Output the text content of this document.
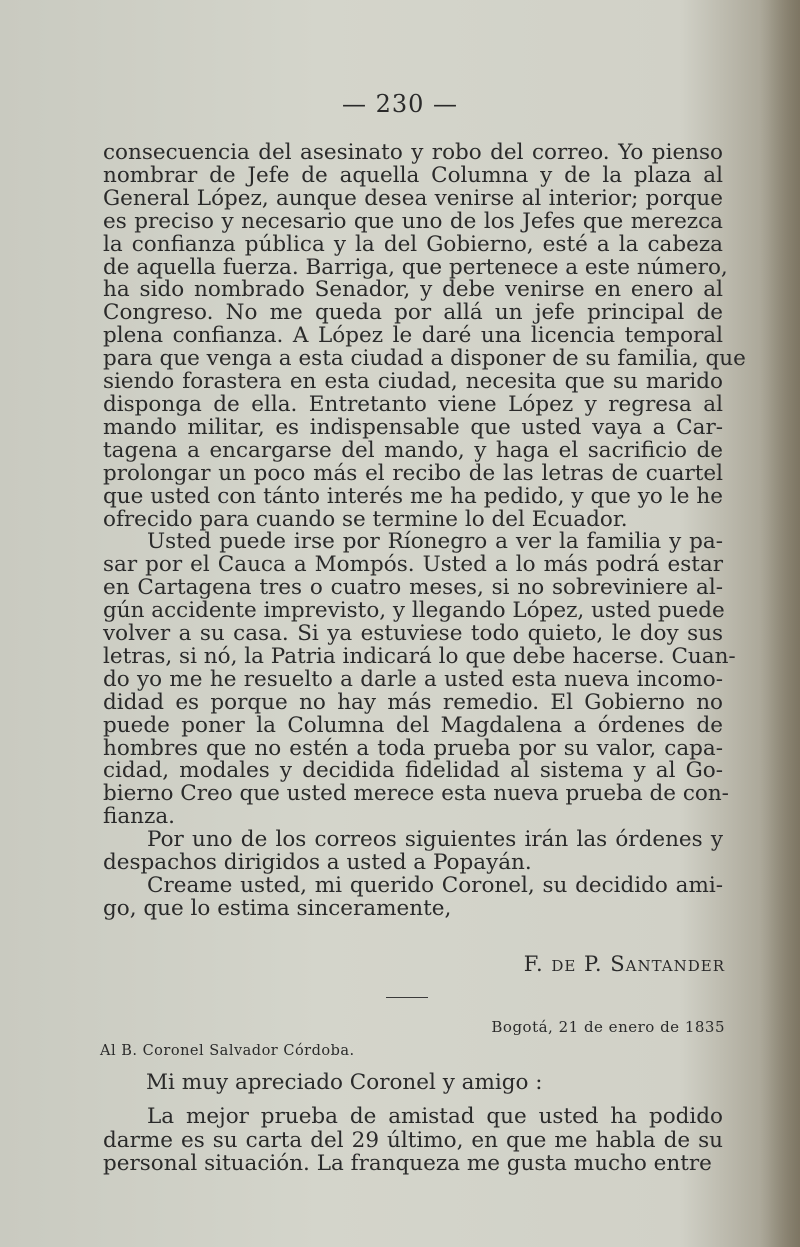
— 230 —
consecuencia del asesinato y robo del correo. Yo pienso
nombrar de Jefe de aquella Columna y de la plaza al
General López, aunque desea venirse al interior; porque
es preciso y necesario que uno de los Jefes que merezca
la confianza pública y la del Gobierno, esté a la cabeza
de aquella fuerza. Barriga, que pertenece a este número,
ha sido nombrado Senador, y debe venirse en enero al
Congreso. No me queda por allá un jefe principal de
plena confianza. A López le daré una licencia temporal
para que venga a esta ciudad a disponer de su familia, que
siendo forastera en esta ciudad, necesita que su marido
disponga de ella. Entretanto viene López y regresa al
mando militar, es indispensable que usted vaya a Car-
tagena a encargarse del mando, y haga el sacrificio de
prolongar un poco más el recibo de las letras de cuartel
que usted con tánto interés me ha pedido, y que yo le he
ofrecido para cuando se termine lo del Ecuador.
Usted puede irse por Ríonegro a ver la familia y pa-
sar por el Cauca a Mompós. Usted a lo más podrá estar
en Cartagena tres o cuatro meses, si no sobreviniere al-
gún accidente imprevisto, y llegando López, usted puede
volver a su casa. Si ya estuviese todo quieto, le doy sus
letras, si nó, la Patria indicará lo que debe hacerse. Cuan-
do yo me he resuelto a darle a usted esta nueva incomo-
didad es porque no hay más remedio. El Gobierno no
puede poner la Columna del Magdalena a órdenes de
hombres que no estén a toda prueba por su valor, capa-
cidad, modales y decidida fidelidad al sistema y al Go-
bierno Creo que usted merece esta nueva prueba de con-
fianza.
Por uno de los correos siguientes irán las órdenes y
despachos dirigidos a usted a Popayán.
Creame usted, mi querido Coronel, su decidido ami-
go, que lo estima sinceramente,
F. de P. Santander
Bogotá, 21 de enero de 1835
Al B. Coronel Salvador Córdoba.
Mi muy apreciado Coronel y amigo :
La mejor prueba de amistad que usted ha podido
darme es su carta del 29 último, en que me habla de su
personal situación. La franqueza me gusta mucho entre
